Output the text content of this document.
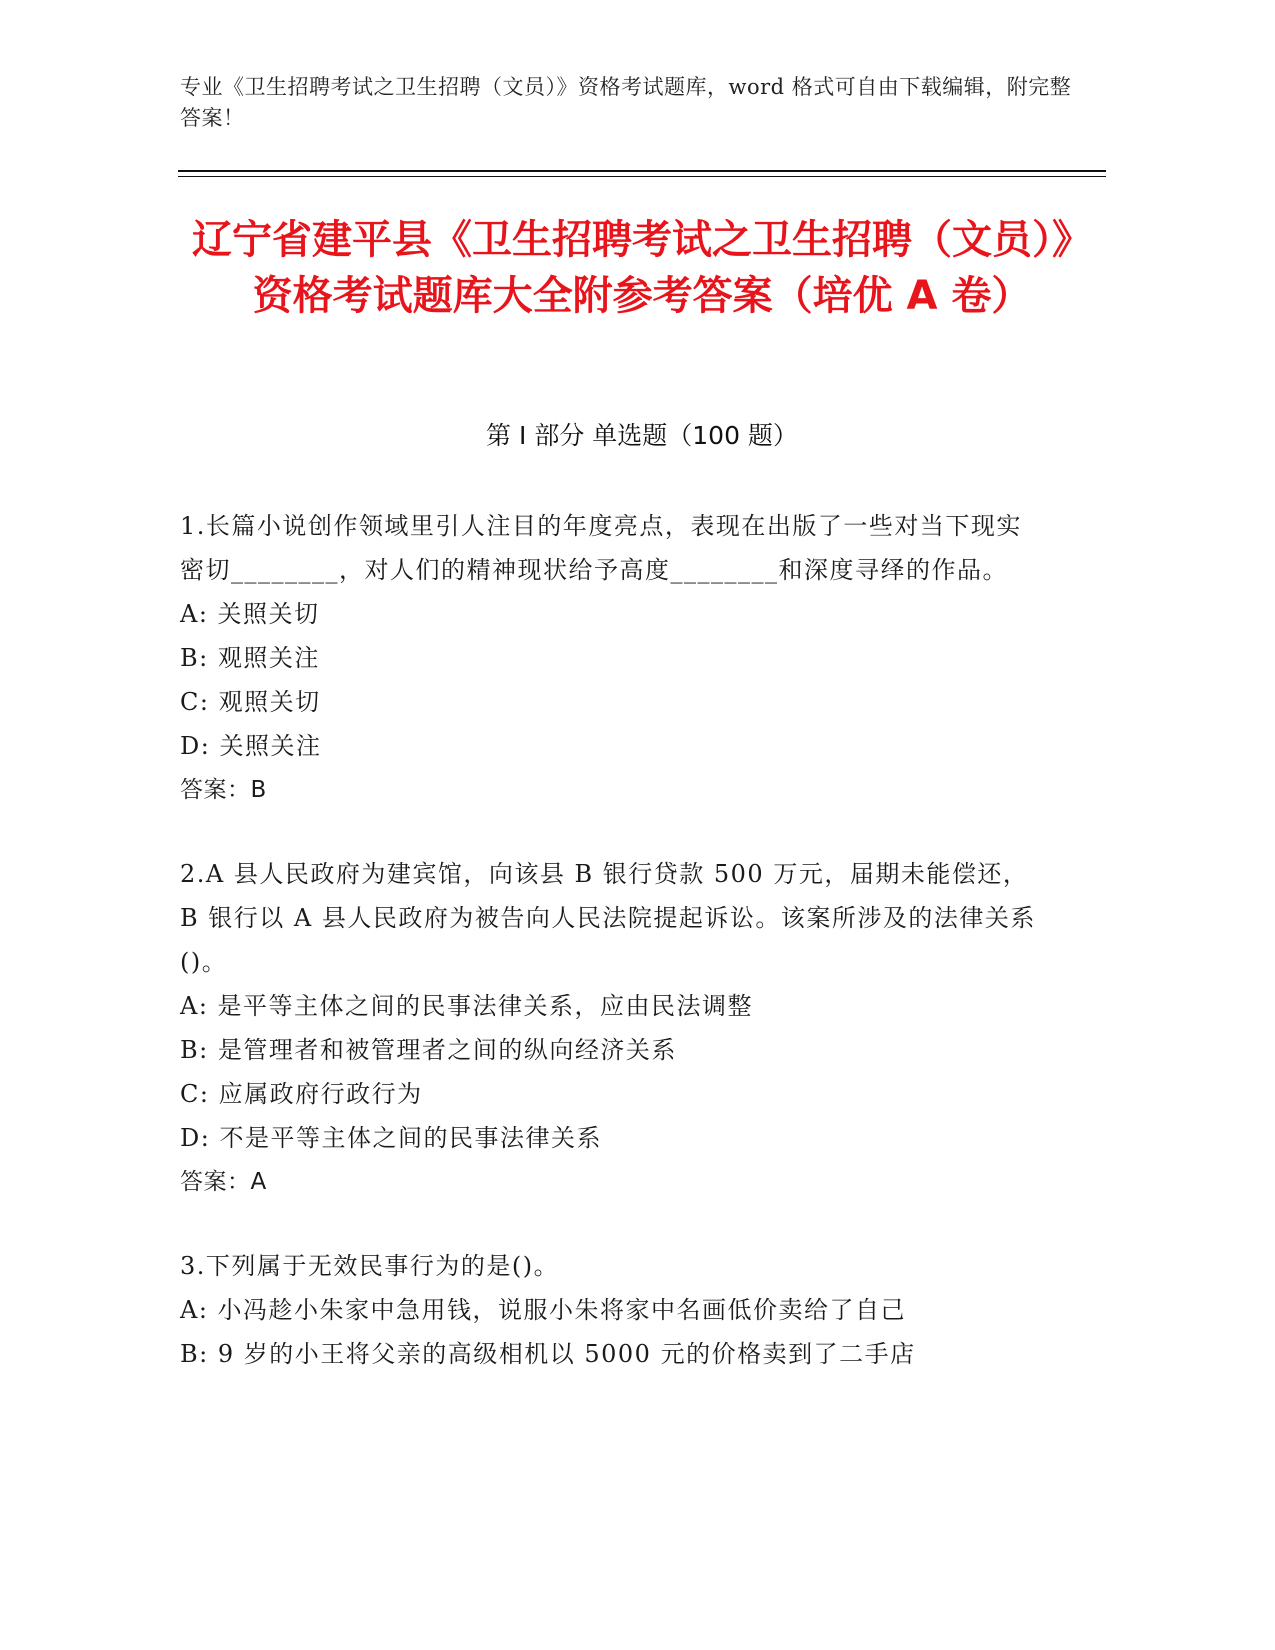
专业《卫生招聘考试之卫生招聘（文员）》资格考试题库，word 格式可自由下载编辑，附完整答案！
辽宁省建平县《卫生招聘考试之卫生招聘（文员）》资格考试题库大全附参考答案（培优 A 卷）
第 I 部分 单选题（100 题）
1.长篇小说创作领域里引人注目的年度亮点，表现在出版了一些对当下现实密切________，对人们的精神现状给予高度________和深度寻绎的作品。
A: 关照关切
B: 观照关注
C: 观照关切
D: 关照关注
答案：B
2.A 县人民政府为建宾馆，向该县 B 银行贷款 500 万元，届期未能偿还，B 银行以 A 县人民政府为被告向人民法院提起诉讼。该案所涉及的法律关系()。
A: 是平等主体之间的民事法律关系，应由民法调整
B: 是管理者和被管理者之间的纵向经济关系
C: 应属政府行政行为
D: 不是平等主体之间的民事法律关系
答案：A
3.下列属于无效民事行为的是()。
A: 小冯趁小朱家中急用钱，说服小朱将家中名画低价卖给了自己
B: 9 岁的小王将父亲的高级相机以 5000 元的价格卖到了二手店
